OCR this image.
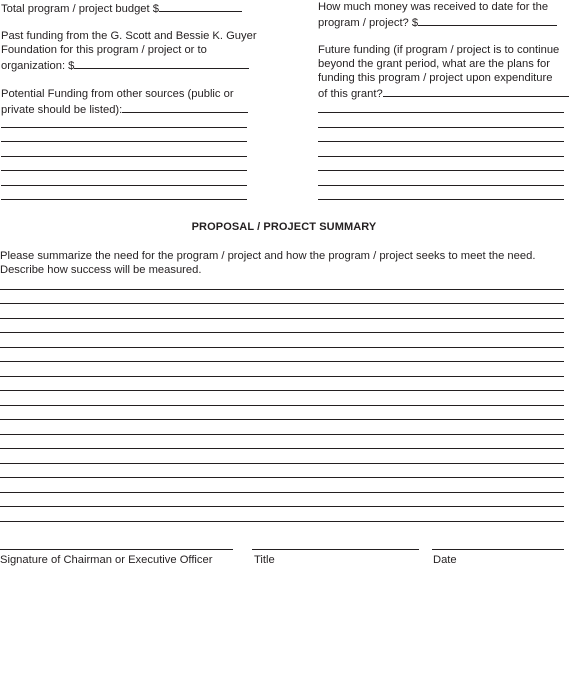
Total program / project budget $
Past funding from the G. Scott and Bessie K. Guyer
Foundation for this program / project or to
organization: $
Potential Funding from other sources (public or
private should be listed):
How much money was received to date for the
program / project? $
Future funding (if program / project is to continue
beyond the grant period, what are the plans for
funding this program / project upon expenditure
of this grant?
PROPOSAL / PROJECT SUMMARY
Please summarize the need for the program / project and how the program / project seeks to meet the need.
Describe how success will be measured.
Signature of Chairman or Executive Officer	Title	Date
